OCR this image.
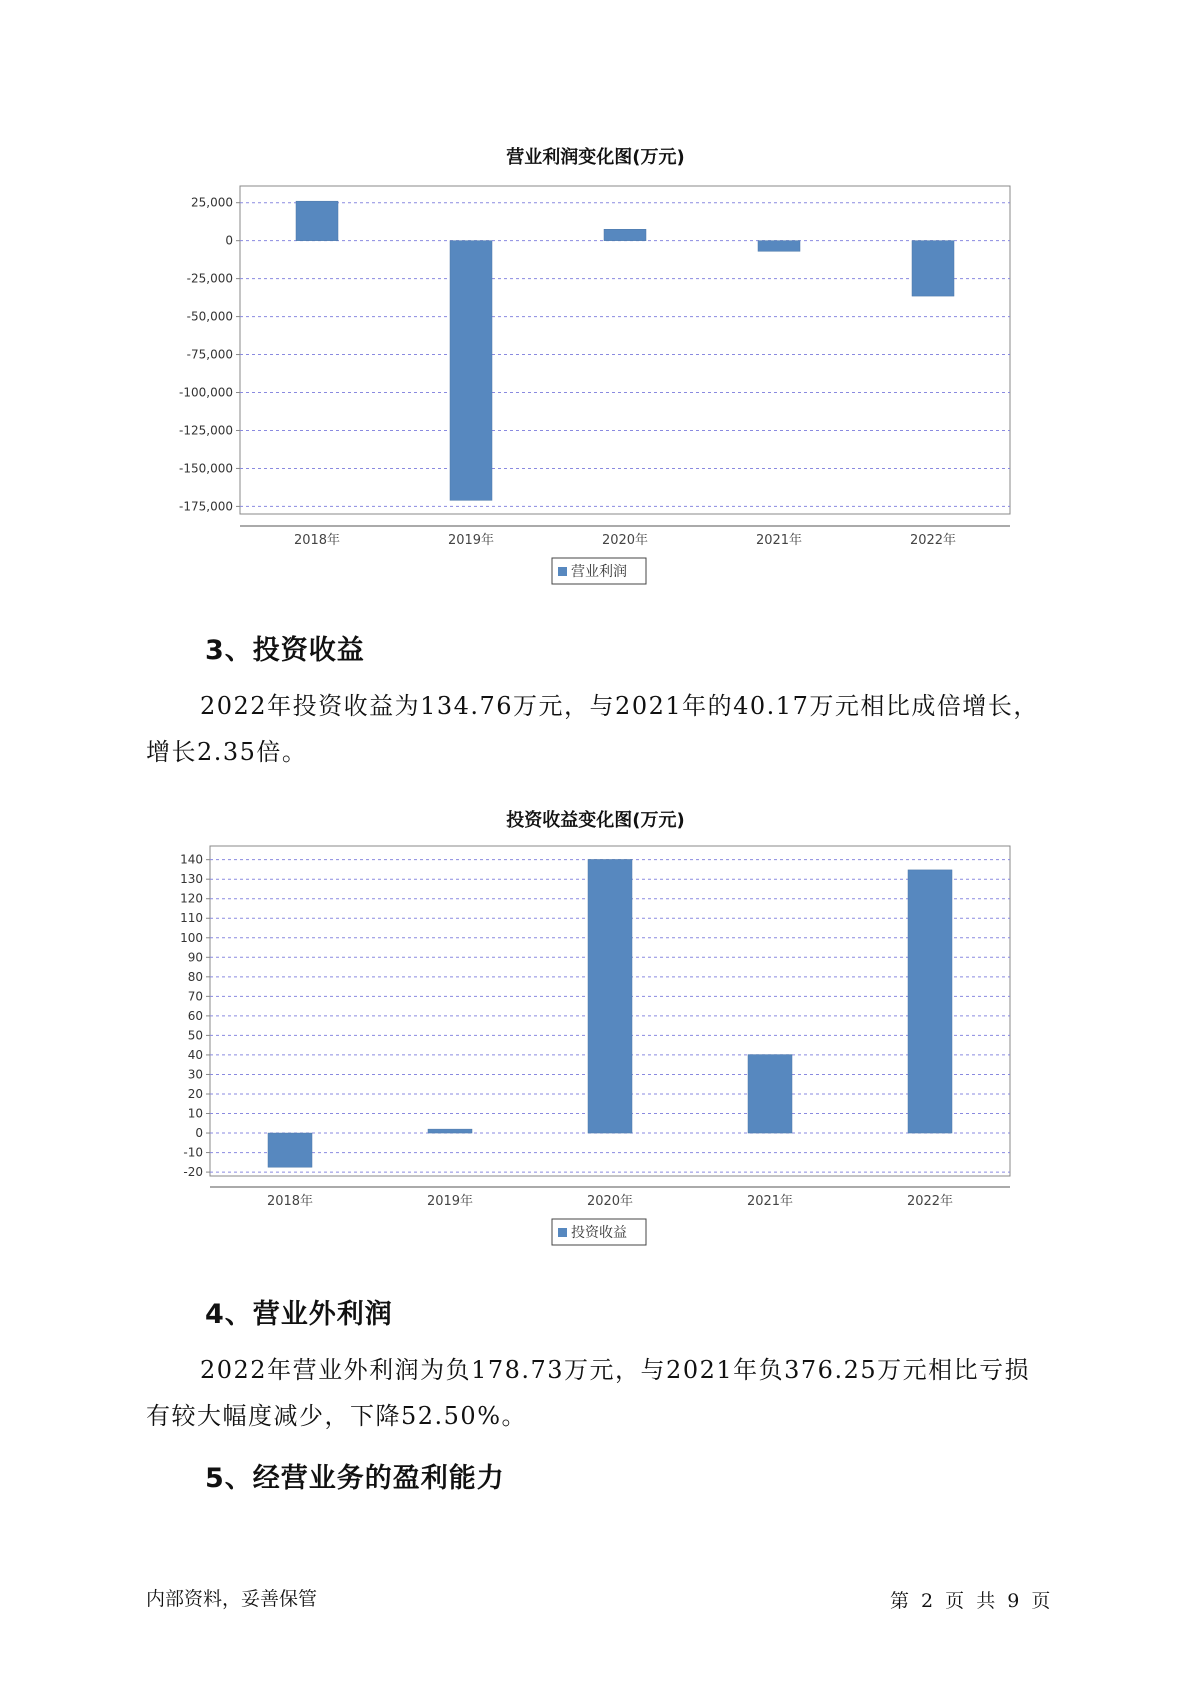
营业利润变化图(万元)
25,000
0
-25,000
-50,000
-75,000
-100,000
-125,000
-150,000
-175,000
2018年	2019年	2020年	2021年	2022年
营业利润
3、投资收益
2022年投资收益为134.76万元，与2021年的40.17万元相比成倍增长，
增长2.35倍。
投资收益变化图(万元)
140
130
120
110
100
90
80
70
60
50
40
30
20
10
0
-10
-20
2018年	2019年	2020年	2021年	2022年
投资收益
4、营业外利润
2022年营业外利润为负178.73万元，与2021年负376.25万元相比亏损
有较大幅度减少，下降52.50%。
5、经营业务的盈利能力
内部资料，妥善保管	第 2 页 共 9 页
